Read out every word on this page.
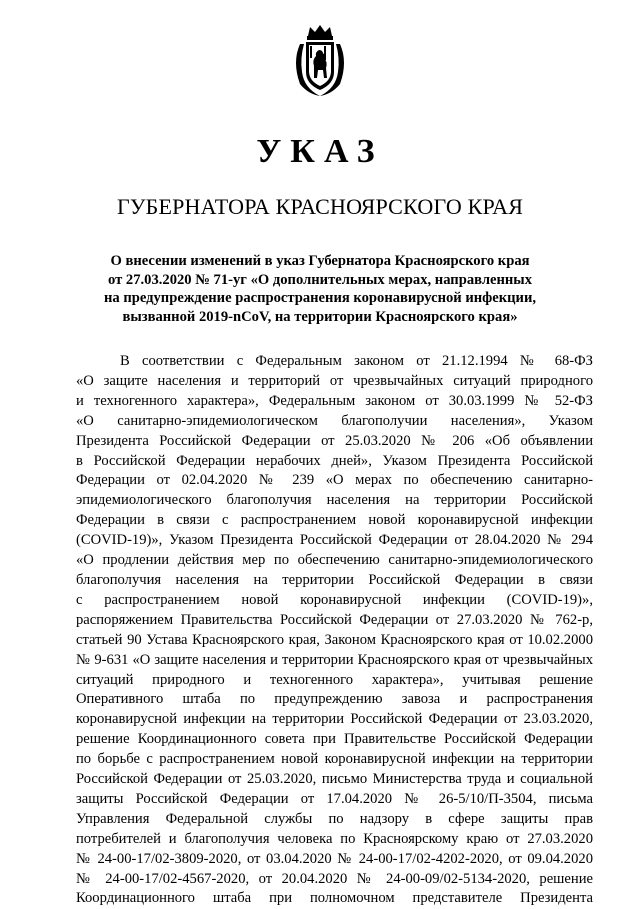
УКАЗ
ГУБЕРНАТОРА КРАСНОЯРСКОГО КРАЯ
О внесении изменений в указ Губернатора Красноярского края
от 27.03.2020 № 71-уг «О дополнительных мерах, направленных
на предупреждение распространения коронавирусной инфекции,
вызванной 2019-nCoV, на территории Красноярского края»
В соответствии с Федеральным законом от 21.12.1994 № 68-ФЗ
«О защите населения и территорий от чрезвычайных ситуаций природного
и техногенного характера», Федеральным законом от 30.03.1999 № 52-ФЗ
«О санитарно-эпидемиологическом благополучии населения», Указом
Президента Российской Федерации от 25.03.2020 № 206 «Об объявлении
в Российской Федерации нерабочих дней», Указом Президента Российской
Федерации от 02.04.2020 № 239 «О мерах по обеспечению санитарно-
эпидемиологического благополучия населения на территории Российской
Федерации в связи с распространением новой коронавирусной инфекции
(COVID-19)», Указом Президента Российской Федерации от 28.04.2020 № 294
«О продлении действия мер по обеспечению санитарно-эпидемиологического
благополучия населения на территории Российской Федерации в связи
с распространением новой коронавирусной инфекции (COVID-19)»,
распоряжением Правительства Российской Федерации от 27.03.2020 № 762-р,
статьей 90 Устава Красноярского края, Законом Красноярского края от 10.02.2000
№ 9-631 «О защите населения и территории Красноярского края от чрезвычайных
ситуаций природного и техногенного характера», учитывая решение
Оперативного штаба по предупреждению завоза и распространения
коронавирусной инфекции на территории Российской Федерации от 23.03.2020,
решение Координационного совета при Правительстве Российской Федерации
по борьбе с распространением новой коронавирусной инфекции на территории
Российской Федерации от 25.03.2020, письмо Министерства труда и социальной
защиты Российской Федерации от 17.04.2020 № 26-5/10/П-3504, письма
Управления Федеральной службы по надзору в сфере защиты прав
потребителей и благополучия человека по Красноярскому краю от 27.03.2020
№ 24-00-17/02-3809-2020, от 03.04.2020 № 24-00-17/02-4202-2020, от 09.04.2020
№ 24-00-17/02-4567-2020, от 20.04.2020 № 24-00-09/02-5134-2020, решение
Координационного штаба при полномочном представителе Президента
